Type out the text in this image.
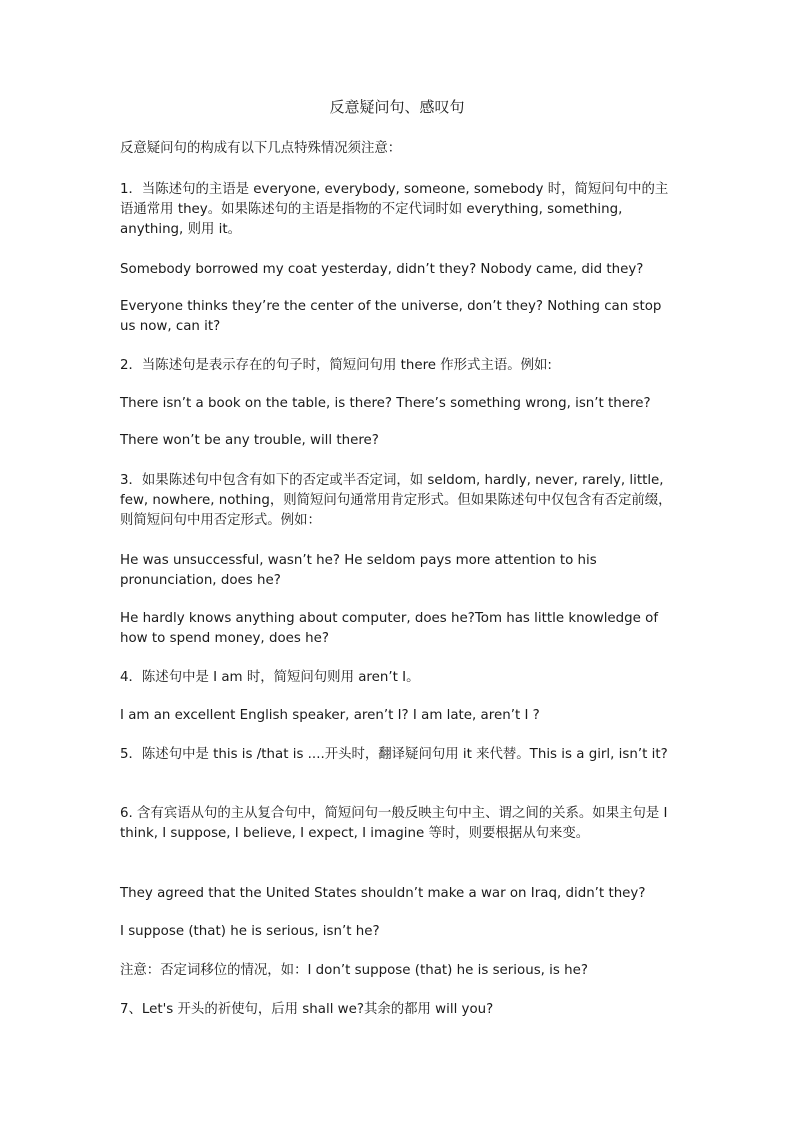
反意疑问句、感叹句

反意疑问句的构成有以下几点特殊情况须注意：

1．当陈述句的主语是 everyone, everybody, someone, somebody 时，简短问句中的主语通常用 they。如果陈述句的主语是指物的不定代词时如 everything, something, anything, 则用 it。

Somebody borrowed my coat yesterday, didn’t they? Nobody came, did they?

Everyone thinks they’re the center of the universe, don’t they? Nothing can stop us now, can it?

2．当陈述句是表示存在的句子时，简短问句用 there 作形式主语。例如:

There isn’t a book on the table, is there? There’s something wrong, isn’t there?

There won’t be any trouble, will there?

3．如果陈述句中包含有如下的否定或半否定词，如 seldom, hardly, never, rarely, little, few, nowhere, nothing，则简短问句通常用肯定形式。但如果陈述句中仅包含有否定前缀，则简短问句中用否定形式。例如：

He was unsuccessful, wasn’t he? He seldom pays more attention to his pronunciation, does he?

He hardly knows anything about computer, does he?Tom has little knowledge of how to spend money, does he?

4．陈述句中是 I am 时，简短问句则用 aren’t I。

I am an excellent English speaker, aren’t I? I am late, aren’t I ?

5．陈述句中是 this is /that is ....开头时，翻译疑问句用 it 来代替。This is a girl, isn’t it?

6. 含有宾语从句的主从复合句中，简短问句一般反映主句中主、谓之间的关系。如果主句是 I think, I suppose, I believe, I expect, I imagine 等时，则要根据从句来变。

They agreed that the United States shouldn’t make a war on Iraq, didn’t they?

I suppose (that) he is serious, isn’t he?

注意：否定词移位的情况，如：I don’t suppose (that) he is serious, is he?

7、Let's 开头的祈使句，后用 shall we?其余的都用 will you?
